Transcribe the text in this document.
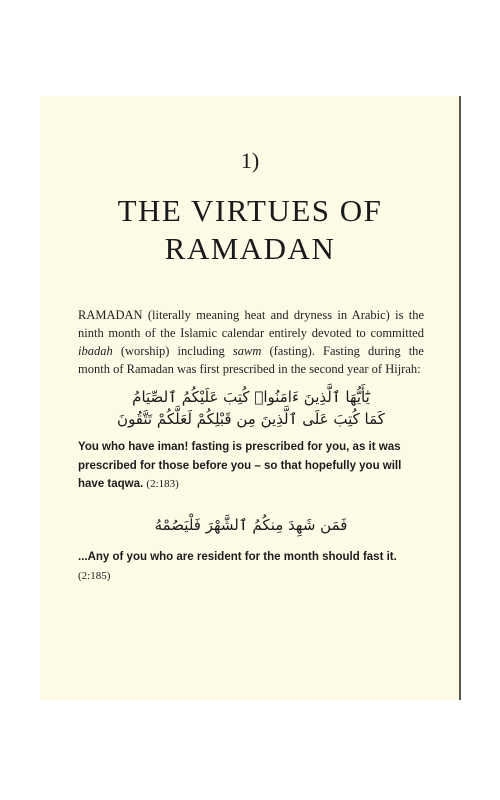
1)
THE VIRTUES OF
RAMADAN
RAMADAN (literally meaning heat and dryness in Arabic) is the ninth month of the Islamic calendar entirely devoted to committed ibadah (worship) including sawm (fasting). Fasting during the month of Ramadan was first prescribed in the second year of Hijrah:
يَٰٓأَيُّهَا ٱلَّذِينَ ءَامَنُوا۟ كُتِبَ عَلَيْكُمُ ٱلصِّيَامُ
كَمَا كُتِبَ عَلَى ٱلَّذِينَ مِن قَبْلِكُمْ لَعَلَّكُمْ تَتَّقُونَ
You who have iman! fasting is prescribed for you, as it was prescribed for those before you – so that hopefully you will have taqwa. (2:183)
فَمَن شَهِدَ مِنكُمُ ٱلشَّهْرَ فَلْيَصُمْهُ
...Any of you who are resident for the month should fast it. (2:185)
